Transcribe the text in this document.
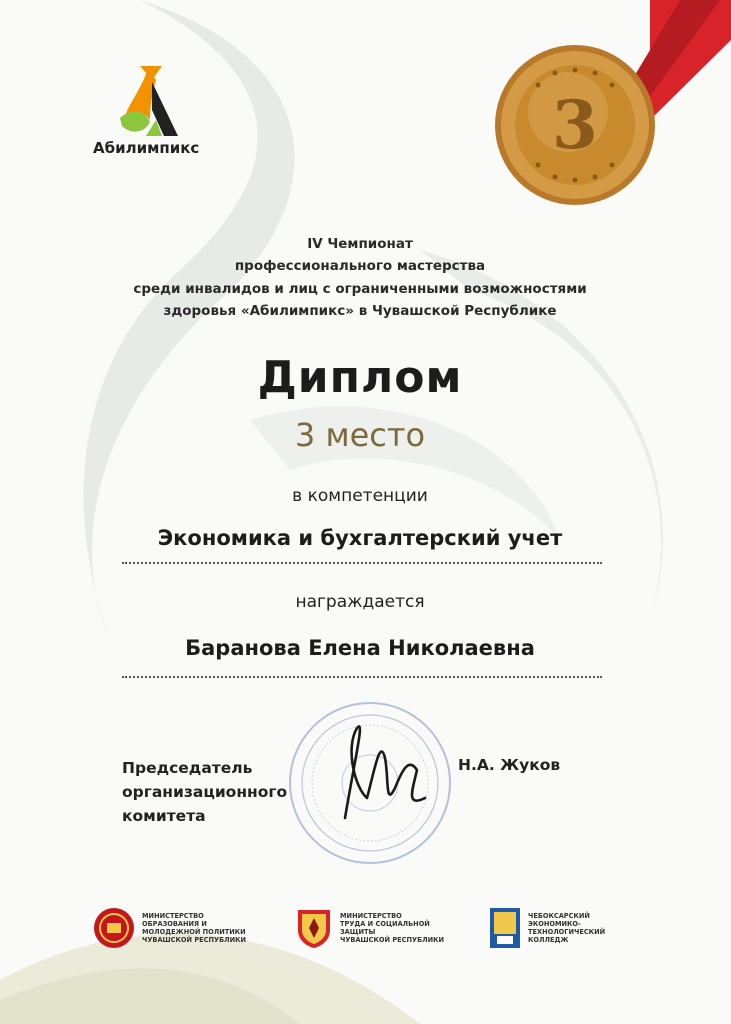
Абилимпикс	3
IV Чемпионат
профессионального мастерства
среди инвалидов и лиц с ограниченными возможностями
здоровья «Абилимпикс» в Чувашской Республике
Диплом
3 место
в компетенции
Экономика и бухгалтерский учет
награждается
Баранова Елена Николаевна
Председатель
организационного
комитета
Н.А. Жуков
МИНИСТЕРСТВО ОБРАЗОВАНИЯ И
МОЛОДЕЖНОЙ ПОЛИТИКИ
ЧУВАШСКОЙ РЕСПУБЛИКИ
МИНИСТЕРСТВО
ТРУДА И СОЦИАЛЬНОЙ ЗАЩИТЫ
ЧУВАШСКОЙ РЕСПУБЛИКИ
ЧЕБОКСАРСКИЙ
ЭКОНОМИКО-ТЕХНОЛОГИЧЕСКИЙ
КОЛЛЕДЖ
